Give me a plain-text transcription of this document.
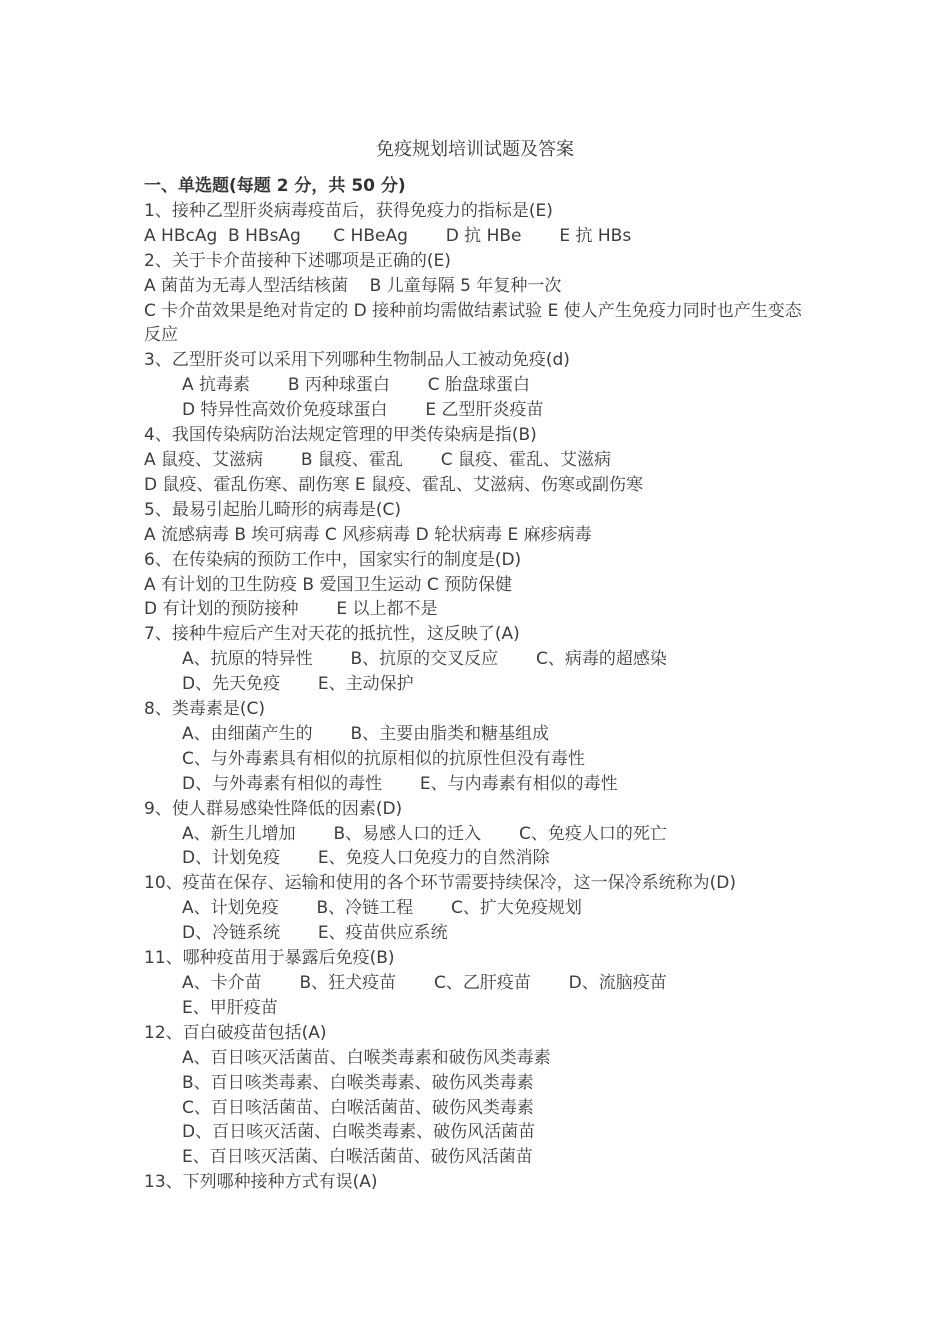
免疫规划培训试题及答案
一、单选题(每题 2 分，共 50 分)
1、接种乙型肝炎病毒疫苗后，获得免疫力的指标是(E)
A HBcAg  B HBsAg      C HBeAg       D 抗 HBe       E 抗 HBs
2、关于卡介苗接种下述哪项是正确的(E)
A 菌苗为无毒人型活结核菌    B 儿童每隔 5 年复种一次
C 卡介苗效果是绝对肯定的 D 接种前均需做结素试验 E 使人产生免疫力同时也产生变态反应
3、乙型肝炎可以采用下列哪种生物制品人工被动免疫(d)
A 抗毒素       B 丙种球蛋白       C 胎盘球蛋白
D 特异性高效价免疫球蛋白       E 乙型肝炎疫苗
4、我国传染病防治法规定管理的甲类传染病是指(B)
A 鼠疫、艾滋病       B 鼠疫、霍乱       C 鼠疫、霍乱、艾滋病
D 鼠疫、霍乱伤寒、副伤寒 E 鼠疫、霍乱、艾滋病、伤寒或副伤寒
5、最易引起胎儿畸形的病毒是(C)
A 流感病毒 B 埃可病毒 C 风疹病毒 D 轮状病毒 E 麻疹病毒
6、在传染病的预防工作中，国家实行的制度是(D)
A 有计划的卫生防疫 B 爱国卫生运动 C 预防保健
D 有计划的预防接种       E 以上都不是
7、接种牛痘后产生对天花的抵抗性，这反映了(A)
A、抗原的特异性       B、抗原的交叉反应       C、病毒的超感染
D、先天免疫       E、主动保护
8、类毒素是(C)
A、由细菌产生的       B、主要由脂类和糖基组成
C、与外毒素具有相似的抗原相似的抗原性但没有毒性
D、与外毒素有相似的毒性       E、与内毒素有相似的毒性
9、使人群易感染性降低的因素(D)
A、新生儿增加       B、易感人口的迁入       C、免疫人口的死亡
D、计划免疫       E、免疫人口免疫力的自然消除
10、疫苗在保存、运输和使用的各个环节需要持续保冷，这一保冷系统称为(D)
A、计划免疫       B、冷链工程       C、扩大免疫规划
D、冷链系统       E、疫苗供应系统
11、哪种疫苗用于暴露后免疫(B)
A、卡介苗       B、狂犬疫苗       C、乙肝疫苗       D、流脑疫苗
E、甲肝疫苗
12、百白破疫苗包括(A)
A、百日咳灭活菌苗、白喉类毒素和破伤风类毒素
B、百日咳类毒素、白喉类毒素、破伤风类毒素
C、百日咳活菌苗、白喉活菌苗、破伤风类毒素
D、百日咳灭活菌、白喉类毒素、破伤风活菌苗
E、百日咳灭活菌、白喉活菌苗、破伤风活菌苗
13、下列哪种接种方式有误(A)
